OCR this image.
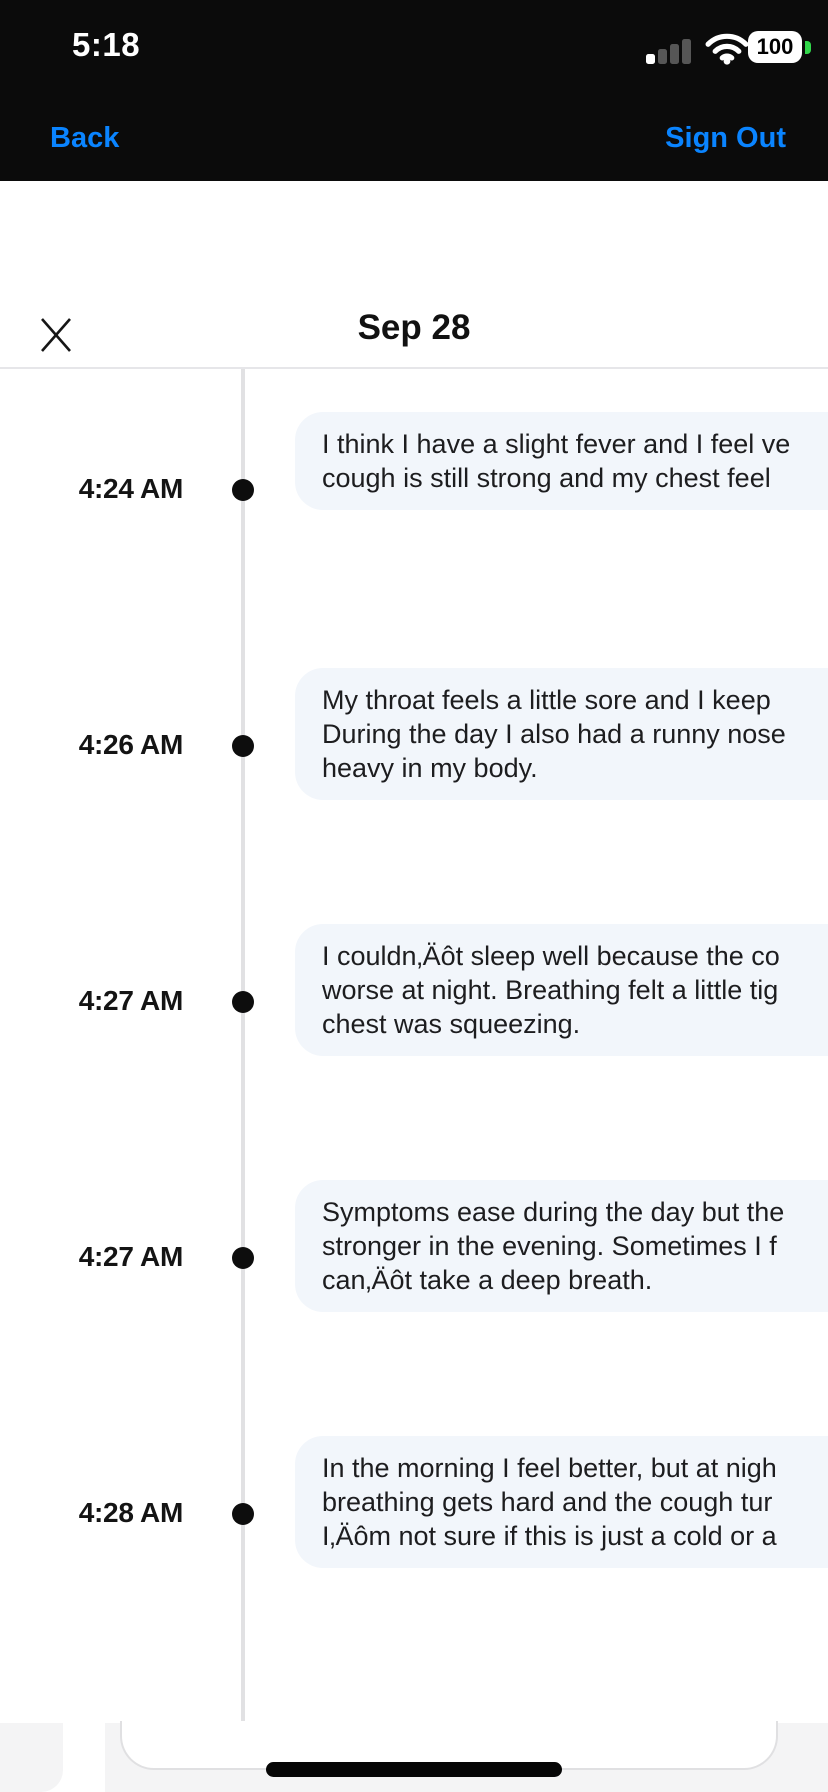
5:18	100
Back	Sign Out
Sep 28
4:24 AM
I think I have a slight fever and I feel ve
cough is still strong and my chest feel
4:26 AM
My throat feels a little sore and I keep
During the day I also had a runny nose
heavy in my body.
4:27 AM
I couldn‚Äôt sleep well because the co
worse at night. Breathing felt a little tig
chest was squeezing.
4:27 AM
Symptoms ease during the day but the
stronger in the evening. Sometimes I f
can‚Äôt take a deep breath.
4:28 AM
In the morning I feel better, but at nigh
breathing gets hard and the cough tur
I‚Äôm not sure if this is just a cold or a
